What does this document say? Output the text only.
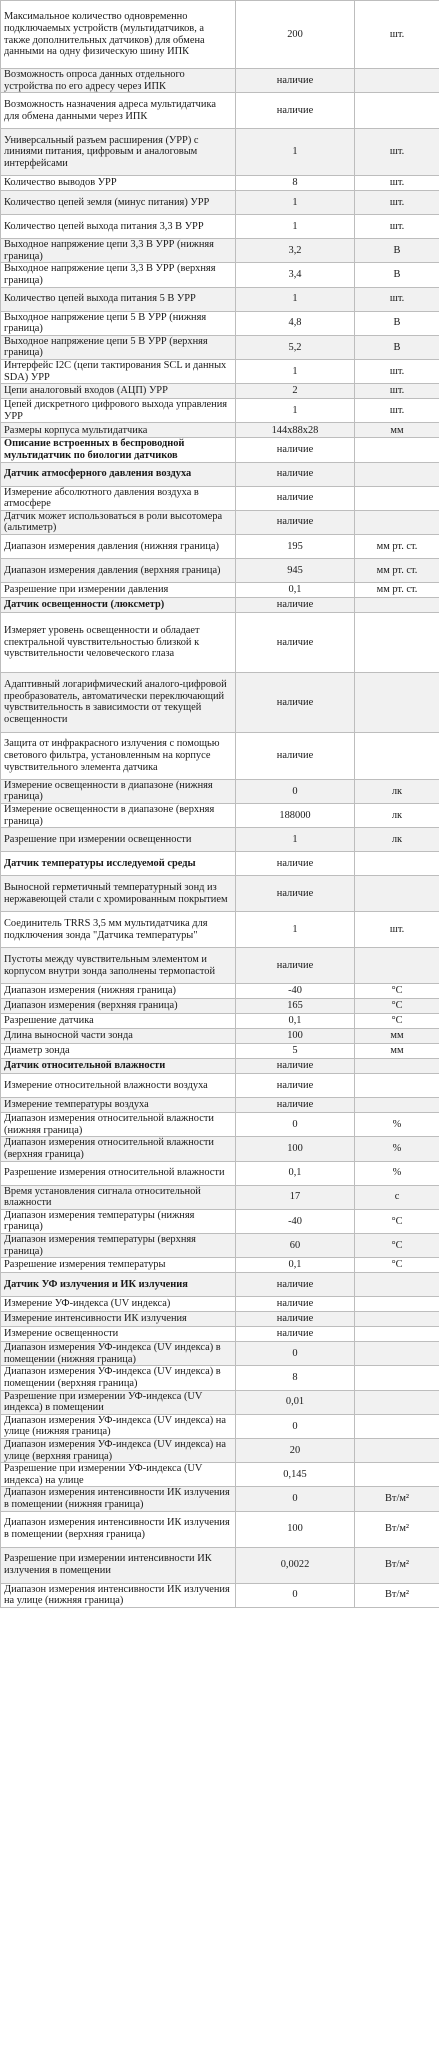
Максимальное количество одновременно подключаемых устройств (мультидатчиков, а также дополнительных датчиков) для обмена данными на одну физическую шину ИПК	200	шт.
Возможность опроса данных отдельного устройства по его адресу через ИПК	наличие	
Возможность назначения адреса мультидатчика для обмена данными через ИПК	наличие	
Универсальный разъем расширения (УРР) с линиями питания, цифровым и аналоговым интерфейсами	1	шт.
Количество выводов УРР	8	шт.
Количество цепей земля (минус питания) УРР	1	шт.
Количество цепей выхода питания 3,3 В УРР	1	шт.
Выходное напряжение цепи 3,3 В УРР (нижняя граница)	3,2	В
Выходное напряжение цепи 3,3 В УРР (верхняя граница)	3,4	В
Количество цепей выхода питания 5 В УРР	1	шт.
Выходное напряжение цепи 5 В УРР (нижняя граница)	4,8	В
Выходное напряжение цепи 5 В УРР (верхняя граница)	5,2	В
Интерфейс I2C (цепи тактирования SCL и данных SDA) УРР	1	шт.
Цепи аналоговый входов (АЦП) УРР	2	шт.
Цепей дискретного цифрового выхода управления УРР	1	шт.
Размеры корпуса мультидатчика	144x88x28	мм
Описание встроенных в беспроводной мультидатчик по биологии датчиков	наличие	
Датчик атмосферного давления воздуха	наличие	
Измерение абсолютного давления воздуха в атмосфере	наличие	
Датчик может использоваться в роли высотомера (альтиметр)	наличие	
Диапазон измерения давления (нижняя граница)	195	мм рт. ст.
Диапазон измерения давления (верхняя граница)	945	мм рт. ст.
Разрешение при измерении давления	0,1	мм рт. ст.
Датчик освещенности (люксметр)	наличие	
Измеряет уровень освещенности и обладает спектральной чувствительностью близкой к чувствительности человеческого глаза	наличие	
Адаптивный логарифмический аналого-цифровой преобразователь, автоматически переключающий чувствительность в зависимости от текущей освещенности	наличие	
Защита от инфракрасного излучения с помощью светового фильтра, установленным на корпусе чувствительного элемента датчика	наличие	
Измерение освещенности в диапазоне (нижняя граница)	0	лк
Измерение освещенности в диапазоне (верхняя граница)	188000	лк
Разрешение при измерении освещенности	1	лк
Датчик температуры исследуемой среды	наличие	
Выносной герметичный температурный зонд из нержавеющей стали с хромированным покрытием	наличие	
Соединитель TRRS 3,5 мм мультидатчика для подключения зонда "Датчика температуры"	1	шт.
Пустоты между чувствительным элементом и корпусом внутри зонда заполнены термопастой	наличие	
Диапазон измерения (нижняя граница)	-40	°С
Диапазон измерения (верхняя граница)	165	°С
Разрешение датчика	0,1	°С
Длина выносной части зонда	100	мм
Диаметр зонда	5	мм
Датчик относительной влажности	наличие	
Измерение относительной влажности воздуха	наличие	
Измерение температуры воздуха	наличие	
Диапазон измерения относительной влажности (нижняя граница)	0	%
Диапазон измерения относительной влажности (верхняя граница)	100	%
Разрешение измерения относительной влажности	0,1	%
Время установления сигнала относительной влажности	17	с
Диапазон измерения температуры (нижняя граница)	-40	°С
Диапазон измерения температуры (верхняя граница)	60	°С
Разрешение измерения температуры	0,1	°С
Датчик УФ излучения и ИК излучения	наличие	
Измерение УФ-индекса (UV индекса)	наличие	
Измерение интенсивности ИК излучения	наличие	
Измерение освещенности	наличие	
Диапазон измерения УФ-индекса (UV индекса) в помещении (нижняя граница)	0	
Диапазон измерения УФ-индекса (UV индекса) в помещении (верхняя граница)	8	
Разрешение при измерении УФ-индекса (UV индекса) в помещении	0,01	
Диапазон измерения УФ-индекса (UV индекса) на улице (нижняя граница)	0	
Диапазон измерения УФ-индекса (UV индекса) на улице (верхняя граница)	20	
Разрешение при измерении УФ-индекса (UV индекса) на улице	0,145	
Диапазон измерения интенсивности ИК излучения в помещении (нижняя граница)	0	Вт/м²
Диапазон измерения интенсивности ИК излучения в помещении (верхняя граница)	100	Вт/м²
Разрешение при измерении интенсивности ИК излучения в помещении	0,0022	Вт/м²
Диапазон измерения интенсивности ИК излучения на улице (нижняя граница)	0	Вт/м²
